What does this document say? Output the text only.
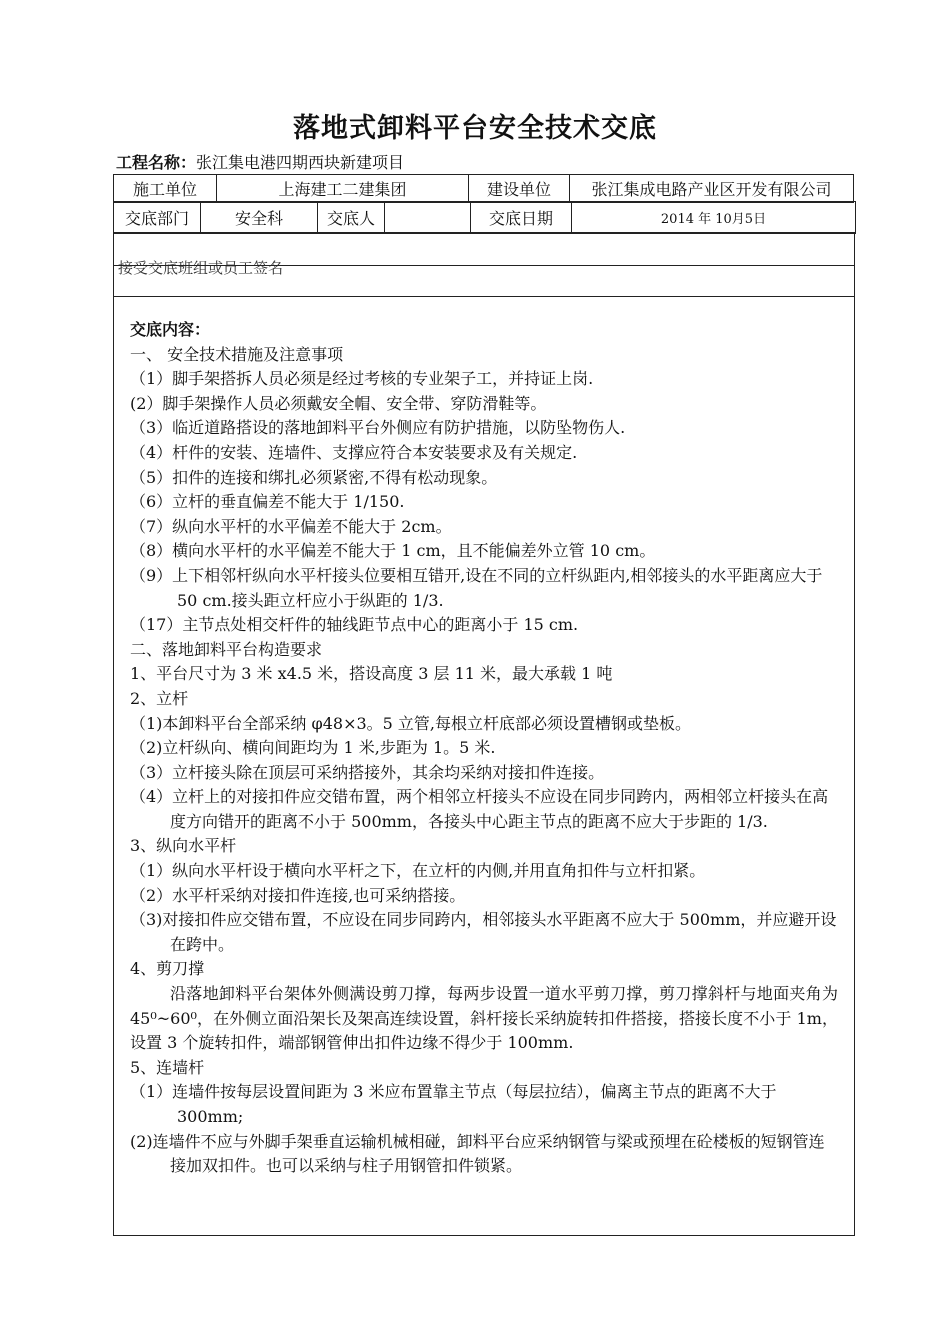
落地式卸料平台安全技术交底
工程名称：张江集电港四期西块新建项目
施工单位	上海建工二建集团	建设单位	张江集成电路产业区开发有限公司
交底部门	安全科	交底人		交底日期	2014 年 10月5日
接受交底班组或员工签名

交底内容：

一、 安全技术措施及注意事项

（1）脚手架搭拆人员必须是经过考核的专业架子工，并持证上岗.

(2）脚手架操作人员必须戴安全帽、安全带、穿防滑鞋等。

（3）临近道路搭设的落地卸料平台外侧应有防护措施，以防坠物伤人.

（4）杆件的安装、连墙件、支撑应符合本安装要求及有关规定.

（5）扣件的连接和绑扎必须紧密,不得有松动现象。

（6）立杆的垂直偏差不能大于 1/150.

（7）纵向水平杆的水平偏差不能大于 2cm。

（8）横向水平杆的水平偏差不能大于 1 cm，且不能偏差外立管 10 cm。

（9）上下相邻杆纵向水平杆接头位要相互错开,设在不同的立杆纵距内,相邻接头的水平距离应大于 50 cm.接头距立杆应小于纵距的 1/3.

（17）主节点处相交杆件的轴线距节点中心的距离小于 15 cm.

二、落地卸料平台构造要求

1、平台尺寸为 3 米 x4.5 米，搭设高度 3 层 11 米，最大承载 1 吨

2、立杆

（1)本卸料平台全部采纳 φ48×3。5 立管,每根立杆底部必须设置槽钢或垫板。

（2)立杆纵向、横向间距均为 1 米,步距为 1。5 米.

（3）立杆接头除在顶层可采纳搭接外，其余均采纳对接扣件连接。

（4）立杆上的对接扣件应交错布置，两个相邻立杆接头不应设在同步同跨内，两相邻立杆接头在高度方向错开的距离不小于 500mm，各接头中心距主节点的距离不应大于步距的 1/3.

3、纵向水平杆

（1）纵向水平杆设于横向水平杆之下，在立杆的内侧,并用直角扣件与立杆扣紧。

（2）水平杆采纳对接扣件连接,也可采纳搭接。

（3)对接扣件应交错布置，不应设在同步同跨内，相邻接头水平距离不应大于 500mm，并应避开设在跨中。

4、剪刀撑

沿落地卸料平台架体外侧满设剪刀撑，每两步设置一道水平剪刀撑，剪刀撑斜杆与地面夹角为 45⁰~60⁰，在外侧立面沿架长及架高连续设置，斜杆接长采纳旋转扣件搭接，搭接长度不小于 1m，设置 3 个旋转扣件，端部钢管伸出扣件边缘不得少于 100mm.

5、连墙杆

（1）连墙件按每层设置间距为 3 米应布置靠主节点（每层拉结），偏离主节点的距离不大于 300mm;

(2)连墙件不应与外脚手架垂直运输机械相碰，卸料平台应采纳钢管与梁或预埋在砼楼板的短钢管连接加双扣件。也可以采纳与柱子用钢管扣件锁紧。
